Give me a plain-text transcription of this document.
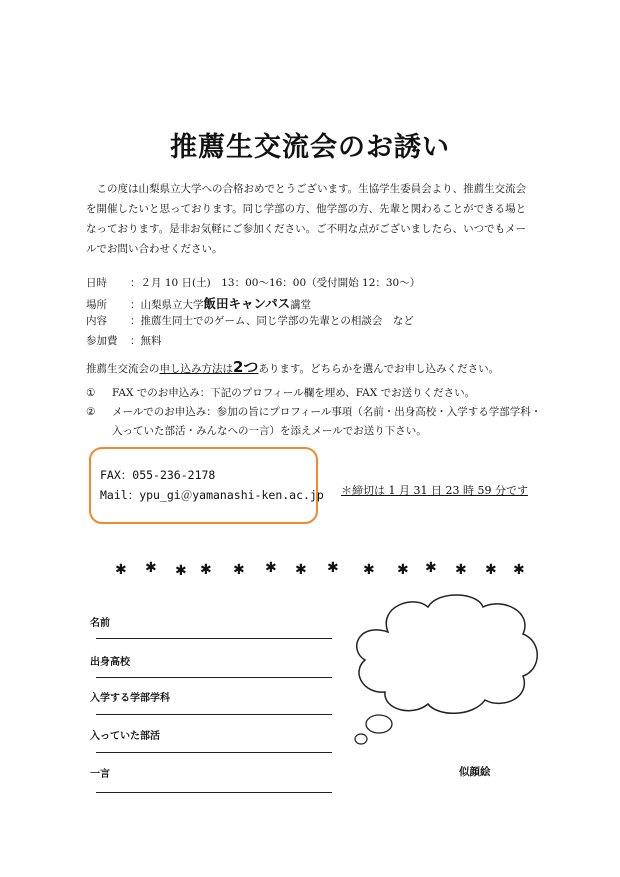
推薦生交流会のお誘い

この度は山梨県立大学への合格おめでとうございます。生協学生委員会より、推薦生交流会を開催したいと思っております。同じ学部の方、他学部の方、先輩と関わることができる場となっております。是非お気軽にご参加ください。ご不明な点がございましたら、いつでもメールでお問い合わせください。

日時 ：２月 10 日(土)　13：00～16：00（受付開始 12：30～）
場所 ：山梨県立大学飯田キャンパス講堂
内容 ：推薦生同士でのゲーム、同じ学部の先輩との相談会　など
参加費 ：無料
推薦生交流会の申し込み方法は2つあります。どちらかを選んでお申し込みください。
①	FAX でのお申込み：下記のプロフィール欄を埋め、FAX でお送りください。
②	メールでのお申込み：参加の旨にプロフィール事項（名前・出身高校・入学する学部学科・入っていた部活・みんなへの一言）を添えメールでお送り下さい。
FAX：055-236-2178
Mail：ypu_gi＠yamanashi-ken.ac.jp ＊締切は 1 月 31 日 23 時 59 分です
✱ ✱ ✱ ✱ ✱ ✱ ✱ ✱ ✱ ✱ ✱ ✱ ✱ ✱
名前
出身高校
入学する学部学科
入っていた部活
一言	似顔絵
